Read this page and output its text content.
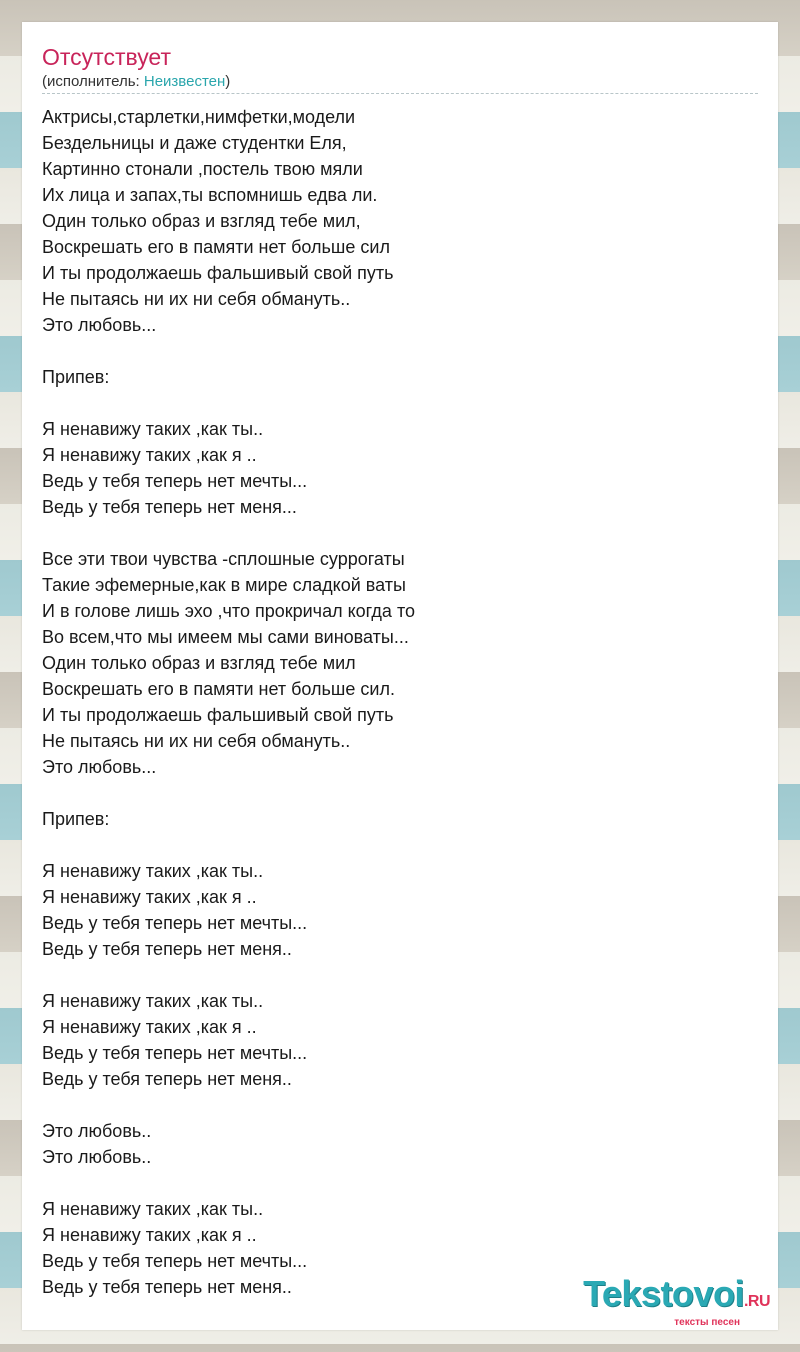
Отсутствует
(исполнитель: Неизвестен)
Актрисы,старлетки,нимфетки,модели
Бездельницы и даже студентки Еля,
Картинно стонали ,постель твою мяли
Их лица и запах,ты вспомнишь едва ли.
Один только образ и взгляд тебе мил,
Воскрешать его в памяти нет больше сил
И ты продолжаешь фальшивый свой путь
Не пытаясь ни их ни себя обмануть..
Это любовь...
Припев:
Я ненавижу таких ,как ты..
Я ненавижу таких ,как я ..
Ведь у тебя теперь нет мечты...
Ведь у тебя теперь нет меня...
Все эти твои чувства -сплошные суррогаты
Такие эфемерные,как в мире сладкой ваты
И в голове лишь эхо ,что прокричал когда то
Во всем,что мы имеем мы сами виноваты...
Один только образ и взгляд тебе мил
Воскрешать его в памяти нет больше сил.
И ты продолжаешь фальшивый свой путь
Не пытаясь ни их ни себя обмануть..
Это любовь...
Припев:
Я ненавижу таких ,как ты..
Я ненавижу таких ,как я ..
Ведь у тебя теперь нет мечты...
Ведь у тебя теперь нет меня..
Я ненавижу таких ,как ты..
Я ненавижу таких ,как я ..
Ведь у тебя теперь нет мечты...
Ведь у тебя теперь нет меня..
Это любовь..
Это любовь..
Я ненавижу таких ,как ты..
Я ненавижу таких ,как я ..
Ведь у тебя теперь нет мечты...
Ведь у тебя теперь нет меня..	Tekstovoi.RU
тексты песен
